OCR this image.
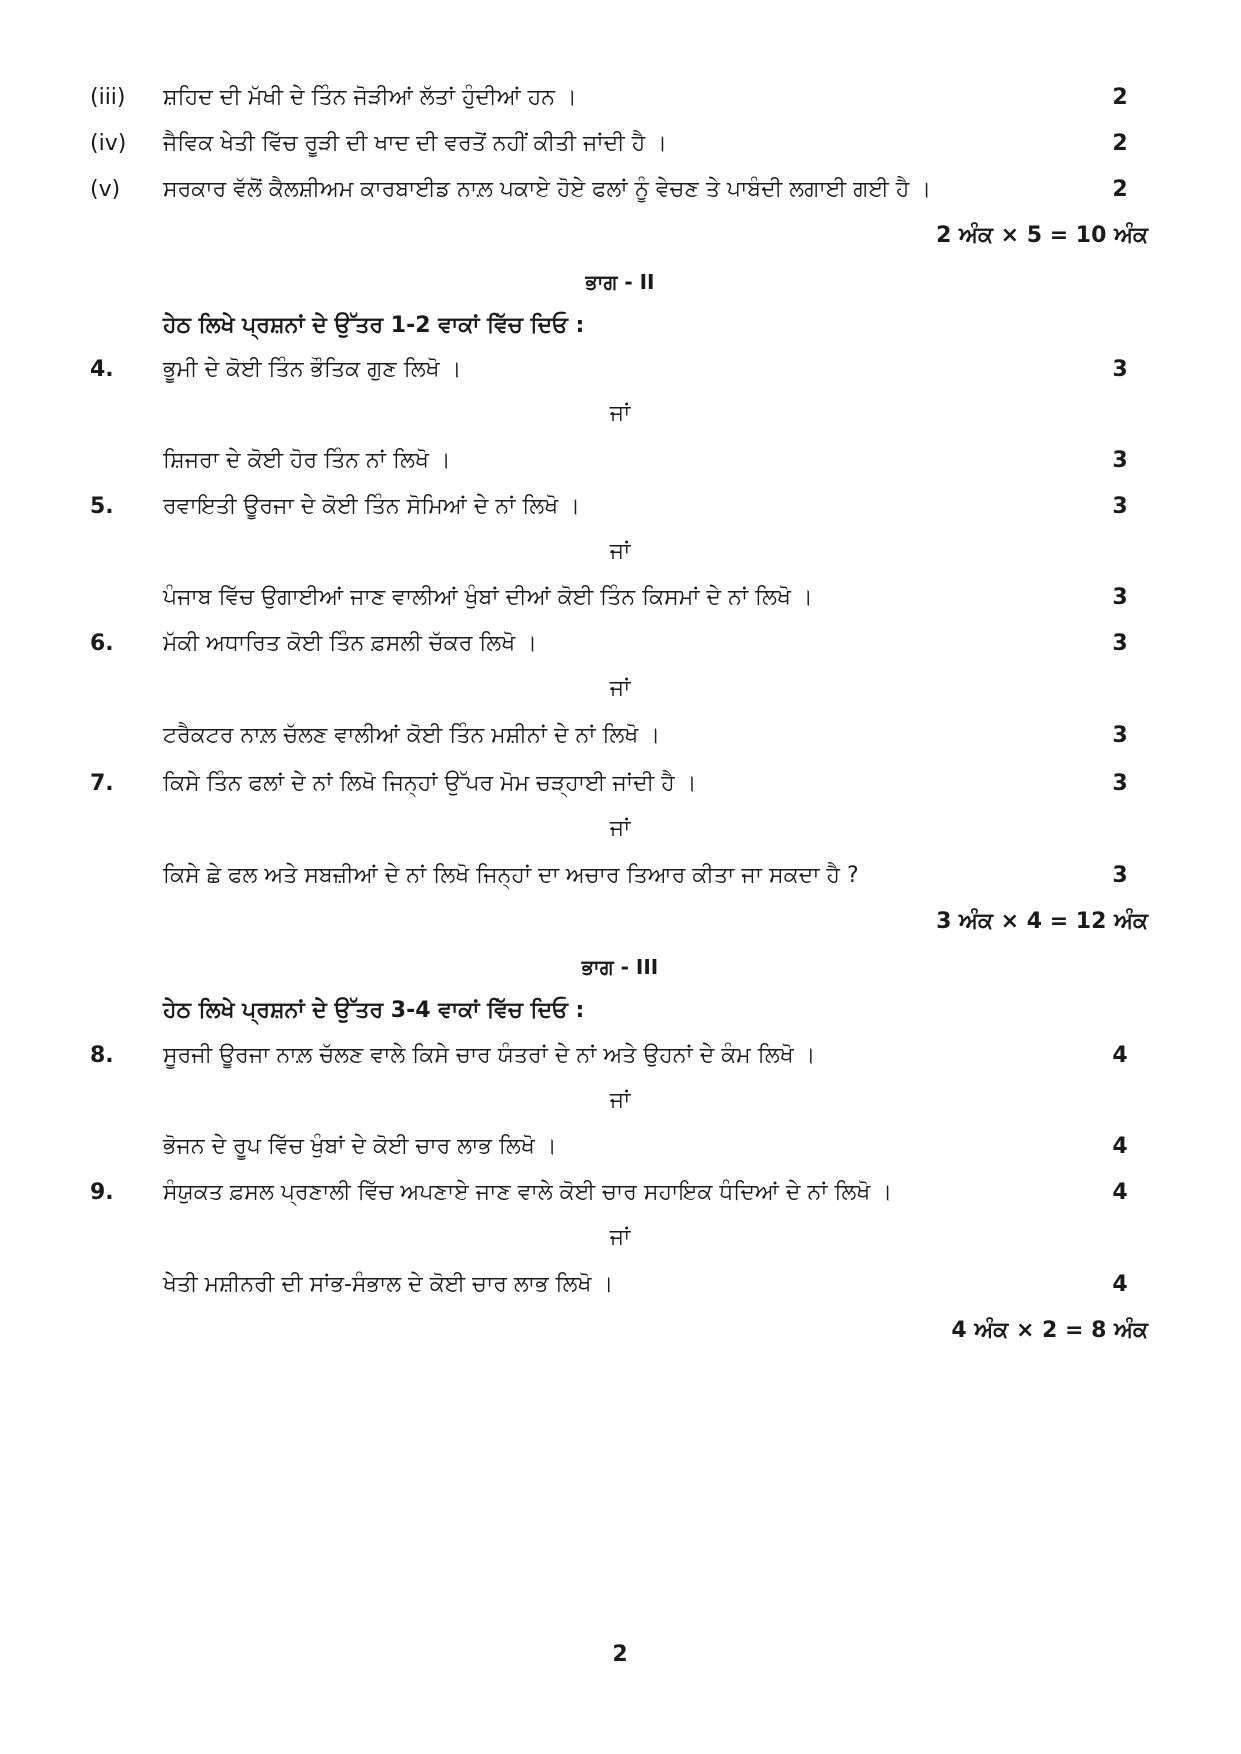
(iii) ਸ਼ਹਿਦ ਦੀ ਮੱਖੀ ਦੇ ਤਿੰਨ ਜੋੜੀਆਂ ਲੱਤਾਂ ਹੁੰਦੀਆਂ ਹਨ ।	2
(iv) ਜੈਵਿਕ ਖੇਤੀ ਵਿੱਚ ਰੂੜੀ ਦੀ ਖਾਦ ਦੀ ਵਰਤੋਂ ਨਹੀਂ ਕੀਤੀ ਜਾਂਦੀ ਹੈ ।	2
(v) ਸਰਕਾਰ ਵੱਲੋਂ ਕੈਲਸ਼ੀਅਮ ਕਾਰਬਾਈਡ ਨਾਲ਼ ਪਕਾਏ ਹੋਏ ਫਲਾਂ ਨੂੰ ਵੇਚਣ ਤੇ ਪਾਬੰਦੀ ਲਗਾਈ ਗਈ ਹੈ ।	2
2 ਅੰਕ × 5 = 10 ਅੰਕ
ਭਾਗ - II
ਹੇਠ ਲਿਖੇ ਪ੍ਰਸ਼ਨਾਂ ਦੇ ਉੱਤਰ 1-2 ਵਾਕਾਂ ਵਿੱਚ ਦਿਓ :
4. ਭੂਮੀ ਦੇ ਕੋਈ ਤਿੰਨ ਭੌਤਿਕ ਗੁਣ ਲਿਖੋ ।	3
ਜਾਂ
ਸ਼ਿਜਰਾ ਦੇ ਕੋਈ ਹੋਰ ਤਿੰਨ ਨਾਂ ਲਿਖੋ ।	3
5. ਰਵਾਇਤੀ ਊਰਜਾ ਦੇ ਕੋਈ ਤਿੰਨ ਸੋਮਿਆਂ ਦੇ ਨਾਂ ਲਿਖੋ ।	3
ਜਾਂ
ਪੰਜਾਬ ਵਿੱਚ ਉਗਾਈਆਂ ਜਾਣ ਵਾਲੀਆਂ ਖੁੰਬਾਂ ਦੀਆਂ ਕੋਈ ਤਿੰਨ ਕਿਸਮਾਂ ਦੇ ਨਾਂ ਲਿਖੋ ।	3
6. ਮੱਕੀ ਅਧਾਰਿਤ ਕੋਈ ਤਿੰਨ ਫ਼ਸਲੀ ਚੱਕਰ ਲਿਖੋ ।	3
ਜਾਂ
ਟਰੈਕਟਰ ਨਾਲ਼ ਚੱਲਣ ਵਾਲੀਆਂ ਕੋਈ ਤਿੰਨ ਮਸ਼ੀਨਾਂ ਦੇ ਨਾਂ ਲਿਖੋ ।	3
7. ਕਿਸੇ ਤਿੰਨ ਫਲਾਂ ਦੇ ਨਾਂ ਲਿਖੋ ਜਿਨ੍ਹਾਂ ਉੱਪਰ ਮੋਮ ਚੜ੍ਹਾਈ ਜਾਂਦੀ ਹੈ ।	3
ਜਾਂ
ਕਿਸੇ ਛੇ ਫਲ ਅਤੇ ਸਬਜ਼ੀਆਂ ਦੇ ਨਾਂ ਲਿਖੋ ਜਿਨ੍ਹਾਂ ਦਾ ਅਚਾਰ ਤਿਆਰ ਕੀਤਾ ਜਾ ਸਕਦਾ ਹੈ ?	3
3 ਅੰਕ × 4 = 12 ਅੰਕ
ਭਾਗ - III
ਹੇਠ ਲਿਖੇ ਪ੍ਰਸ਼ਨਾਂ ਦੇ ਉੱਤਰ 3-4 ਵਾਕਾਂ ਵਿੱਚ ਦਿਓ :
8. ਸੂਰਜੀ ਊਰਜਾ ਨਾਲ਼ ਚੱਲਣ ਵਾਲੇ ਕਿਸੇ ਚਾਰ ਯੰਤਰਾਂ ਦੇ ਨਾਂ ਅਤੇ ਉਹਨਾਂ ਦੇ ਕੰਮ ਲਿਖੋ ।	4
ਜਾਂ
ਭੋਜਨ ਦੇ ਰੂਪ ਵਿੱਚ ਖੁੰਬਾਂ ਦੇ ਕੋਈ ਚਾਰ ਲਾਭ ਲਿਖੋ ।	4
9. ਸੰਯੁਕਤ ਫ਼ਸਲ ਪ੍ਰਣਾਲੀ ਵਿੱਚ ਅਪਣਾਏ ਜਾਣ ਵਾਲੇ ਕੋਈ ਚਾਰ ਸਹਾਇਕ ਧੰਦਿਆਂ ਦੇ ਨਾਂ ਲਿਖੋ ।	4
ਜਾਂ
ਖੇਤੀ ਮਸ਼ੀਨਰੀ ਦੀ ਸਾਂਭ-ਸੰਭਾਲ ਦੇ ਕੋਈ ਚਾਰ ਲਾਭ ਲਿਖੋ ।	4
4 ਅੰਕ × 2 = 8 ਅੰਕ
2
